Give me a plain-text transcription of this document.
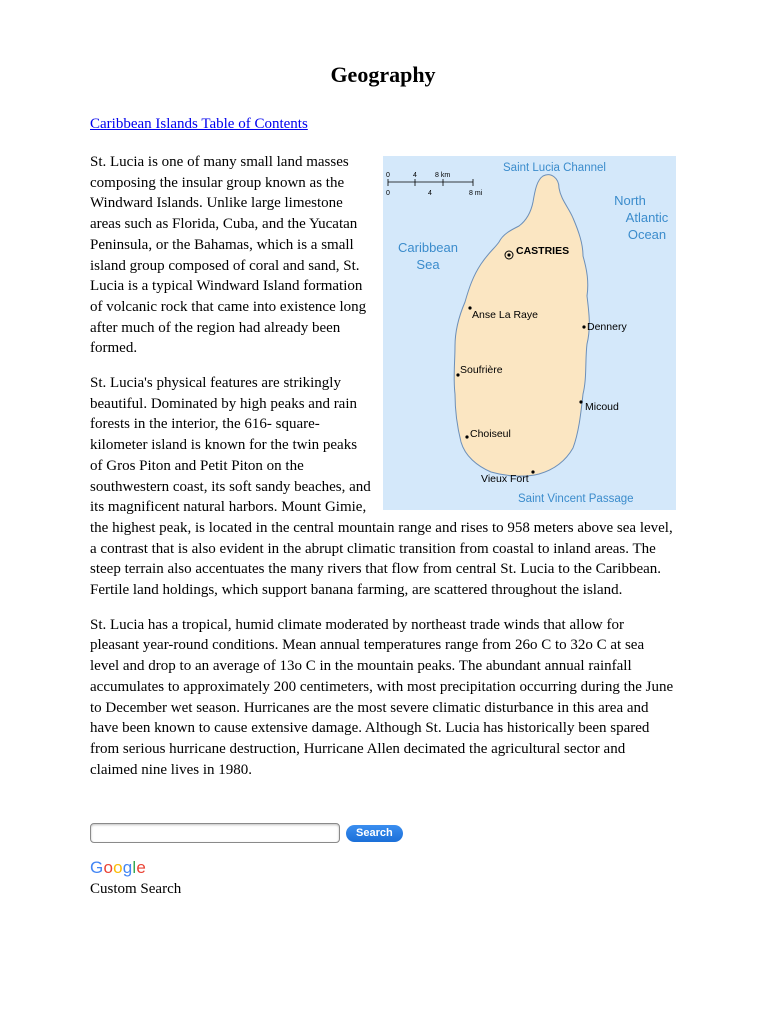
Geography
Caribbean Islands Table of Contents
0	4	8 km
0	4	8 mi
Saint Lucia Channel
North
Atlantic
Ocean
Caribbean
Sea
Saint Vincent Passage
CASTRIES
Anse La Raye
Dennery
Soufrière
Micoud
Choiseul
Vieux Fort

St. Lucia is one of many small land masses composing the insular group known as the Windward Islands. Unlike large limestone areas such as Florida, Cuba, and the Yucatan Peninsula, or the Bahamas, which is a small island group composed of coral and sand, St. Lucia is a typical Windward Island formation of volcanic rock that came into existence long after much of the region had already been formed.

St. Lucia's physical features are strikingly beautiful. Dominated by high peaks and rain forests in the interior, the 616- square-kilometer island is known for the twin peaks of Gros Piton and Petit Piton on the southwestern coast, its soft sandy beaches, and its magnificent natural harbors. Mount Gimie, the highest peak, is located in the central mountain range and rises to 958 meters above sea level, a contrast that is also evident in the abrupt climatic transition from coastal to inland areas. The steep terrain also accentuates the many rivers that flow from central St. Lucia to the Caribbean. Fertile land holdings, which support banana farming, are scattered throughout the island.

St. Lucia has a tropical, humid climate moderated by northeast trade winds that allow for pleasant year-round conditions. Mean annual temperatures range from 26o C to 32o C at sea level and drop to an average of 13o C in the mountain peaks. The abundant annual rainfall accumulates to approximately 200 centimeters, with most precipitation occurring during the June to December wet season. Hurricanes are the most severe climatic disturbance in this area and have been known to cause extensive damage. Although St. Lucia has historically been spared from serious hurricane destruction, Hurricane Allen decimated the agricultural sector and claimed nine lives in 1980.

Search
Google
Custom Search
